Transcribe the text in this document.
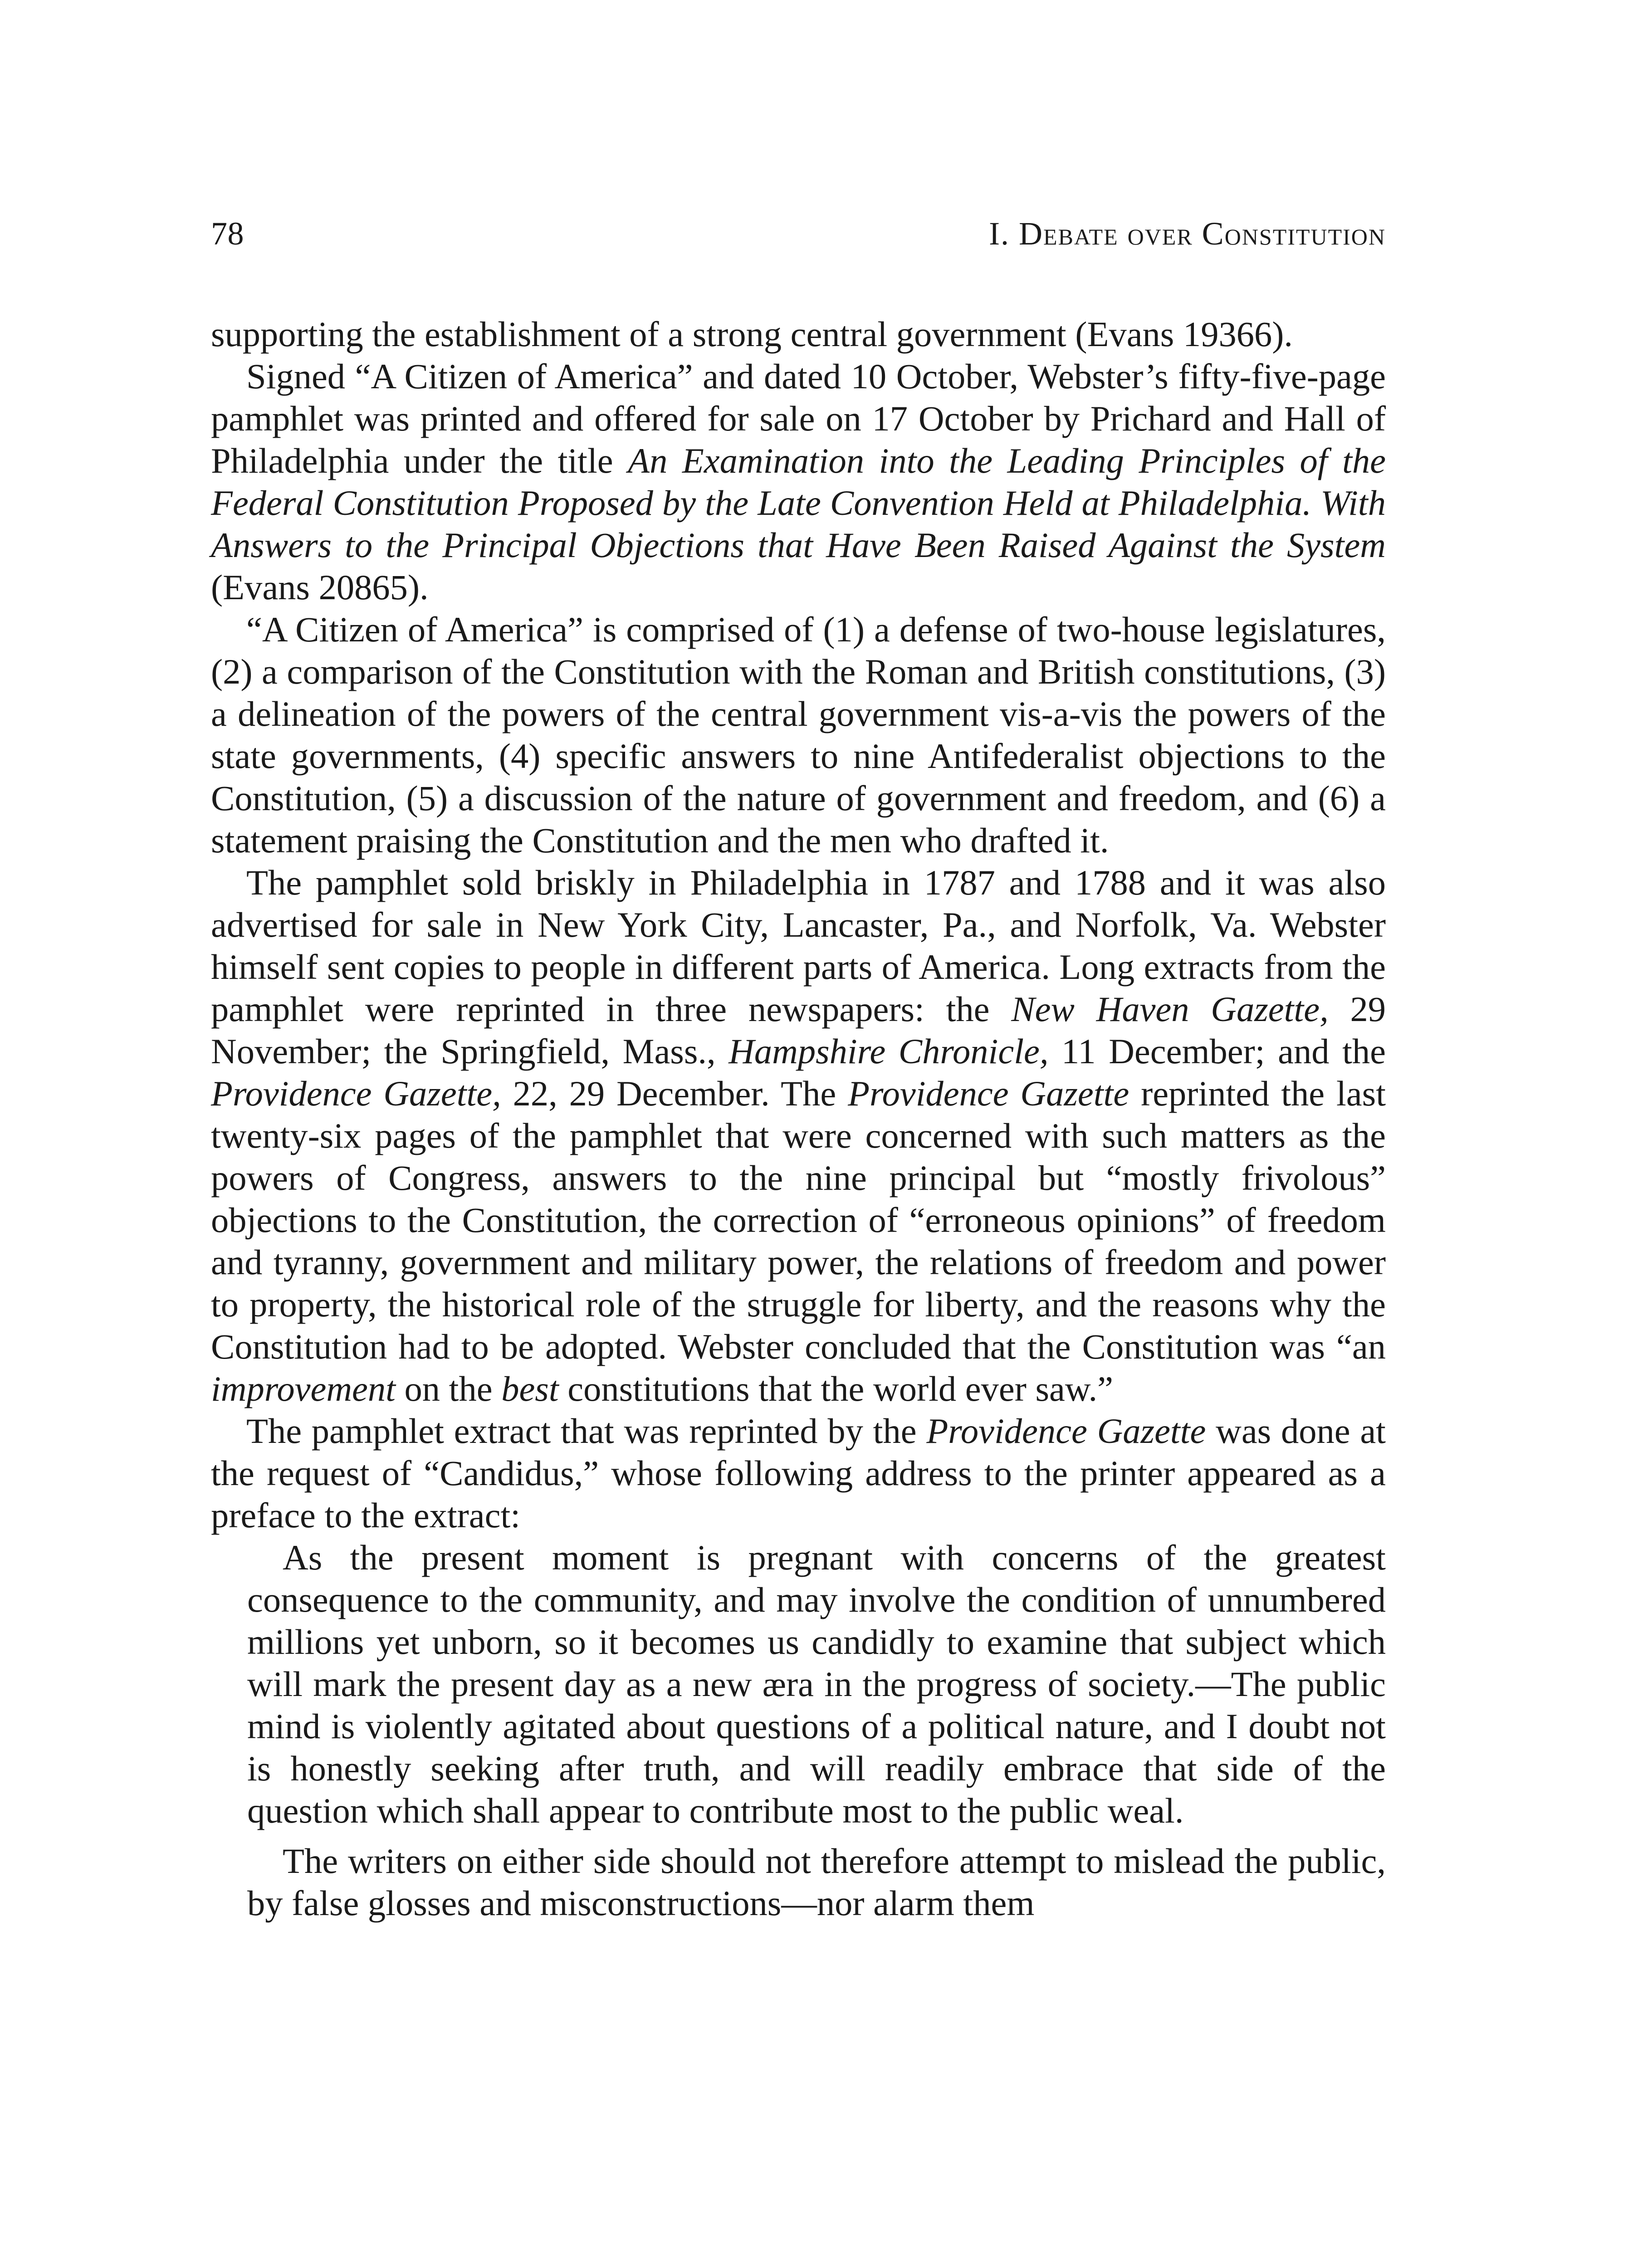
78	I. Debate over Constitution

supporting the establishment of a strong central government (Evans 19366).

Signed “A Citizen of America” and dated 10 October, Webster’s fifty-five-page pamphlet was printed and offered for sale on 17 October by Prichard and Hall of Philadelphia under the title An Examination into the Leading Principles of the Federal Constitution Proposed by the Late Convention Held at Philadelphia. With Answers to the Principal Objections that Have Been Raised Against the System (Evans 20865).

“A Citizen of America” is comprised of (1) a defense of two-house legislatures, (2) a comparison of the Constitution with the Roman and British constitutions, (3) a delineation of the powers of the central government vis-a-vis the powers of the state governments, (4) specific answers to nine Antifederalist objections to the Constitution, (5) a discussion of the nature of government and freedom, and (6) a statement praising the Constitution and the men who drafted it.

The pamphlet sold briskly in Philadelphia in 1787 and 1788 and it was also advertised for sale in New York City, Lancaster, Pa., and Norfolk, Va. Webster himself sent copies to people in different parts of America. Long extracts from the pamphlet were reprinted in three newspapers: the New Haven Gazette, 29 November; the Springfield, Mass., Hampshire Chronicle, 11 December; and the Providence Gazette, 22, 29 December. The Providence Gazette reprinted the last twenty-six pages of the pamphlet that were concerned with such matters as the powers of Congress, answers to the nine principal but “mostly frivolous” objections to the Constitution, the correction of “erroneous opinions” of freedom and tyranny, government and military power, the relations of freedom and power to property, the historical role of the struggle for liberty, and the reasons why the Constitution had to be adopted. Webster concluded that the Constitution was “an improvement on the best constitutions that the world ever saw.”

The pamphlet extract that was reprinted by the Providence Gazette was done at the request of “Candidus,” whose following address to the printer appeared as a preface to the extract:

As the present moment is pregnant with concerns of the greatest consequence to the community, and may involve the condition of unnumbered millions yet unborn, so it becomes us candidly to examine that subject which will mark the present day as a new æra in the progress of society.—The public mind is violently agitated about questions of a political nature, and I doubt not is honestly seeking after truth, and will readily embrace that side of the question which shall appear to contribute most to the public weal.

The writers on either side should not therefore attempt to mislead the public, by false glosses and misconstructions—nor alarm them
